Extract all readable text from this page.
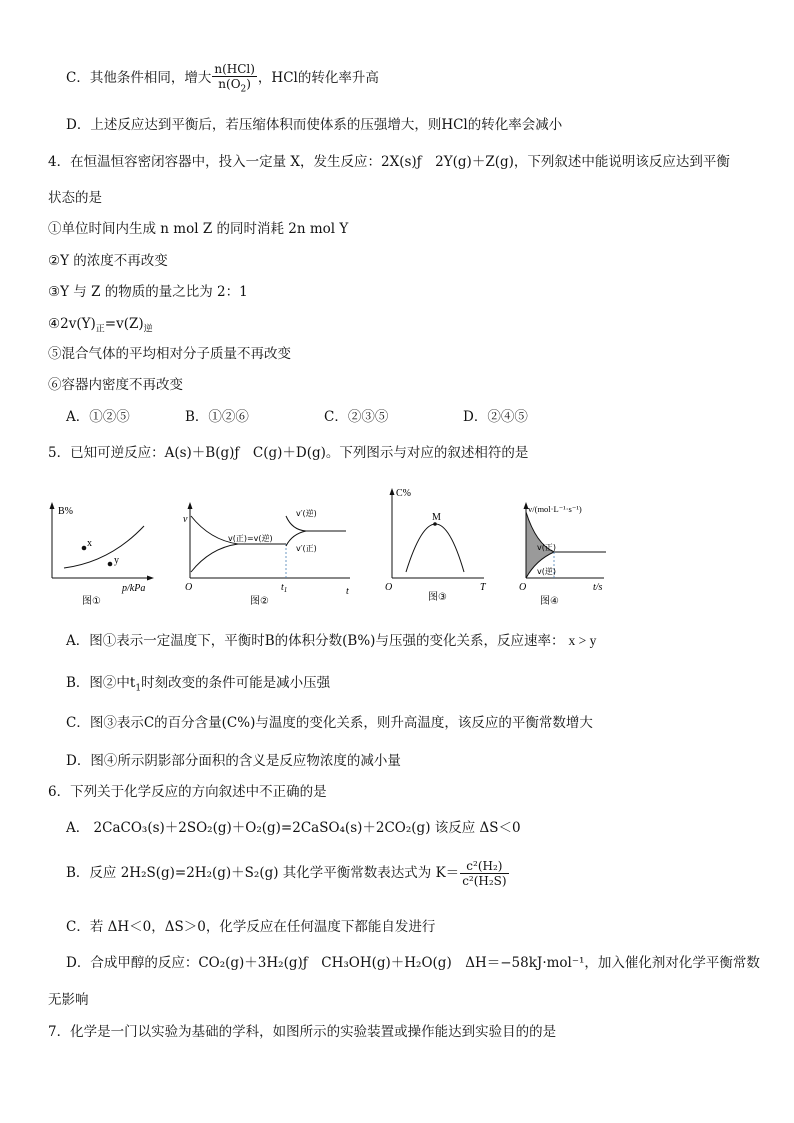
C．其他条件相同，增大 $\frac{\text{n(HCl)}}{n(O_2)}$ ，HCl的转化率升高
D．上述反应达到平衡后，若压缩体积而使体系的压强增大，则HCl的转化率会减小
4．在恒温恒容密闭容器中，投入一定量 X，发生反应：2X(s)ƒ　2Y(g)＋Z(g)，下列叙述中能说明该反应达到平衡
状态的是
①单位时间内生成 n mol Z 的同时消耗 2n mol Y
②Y 的浓度不再改变
③Y 与 Z 的物质的量之比为 2：1
$④2v(Y)_正=v(Z)_逆$
⑤混合气体的平均相对分子质量不再改变
⑥容器内密度不再改变
A．①②⑤	B．①②⑥	C．②③⑤	D．②④⑤
5．已知可逆反应：A(s)＋B(g)ƒ　C(g)＋D(g)。下列图示与对应的叙述相符的是
B%
x
y
p/kPa
图①
v
v(正)=v(逆)
v′(逆)
v′(正)
O	$t_1$	t
图②
C%
M
O	T
图③
v/(mol·L⁻¹·s⁻¹)
v(正)
v(逆)
O	t/s
图④
A．图①表示一定温度下，平衡时B的体积分数(B%)与压强的变化关系，反应速率： x > y
B．图②中$t_1$时刻改变的条件可能是减小压强
C．图③表示C的百分含量(C%)与温度的变化关系，则升高温度，该反应的平衡常数增大
D．图④所示阴影部分面积的含义是反应物浓度的减小量
6．下列关于化学反应的方向叙述中不正确的是
A． 2CaCO₃(s)＋2SO₂(g)＋O₂(g)=2CaSO₄(s)＋2CO₂(g) 该反应 ΔS＜0
B．反应 2H₂S(g)=2H₂(g)＋S₂(g) 其化学平衡常数表达式为 $K= \frac{\text{c²(H₂)}}{\text{c²(H₂S)}}$
C．若 ΔH＜0，ΔS＞0，化学反应在任何温度下都能自发进行
D．合成甲醇的反应：CO₂(g)＋3H₂(g)ƒ　CH₃OH(g)＋H₂O(g)　ΔH＝−58kJ·mol⁻¹，加入催化剂对化学平衡常数
无影响
7．化学是一门以实验为基础的学科，如图所示的实验装置或操作能达到实验目的的是
